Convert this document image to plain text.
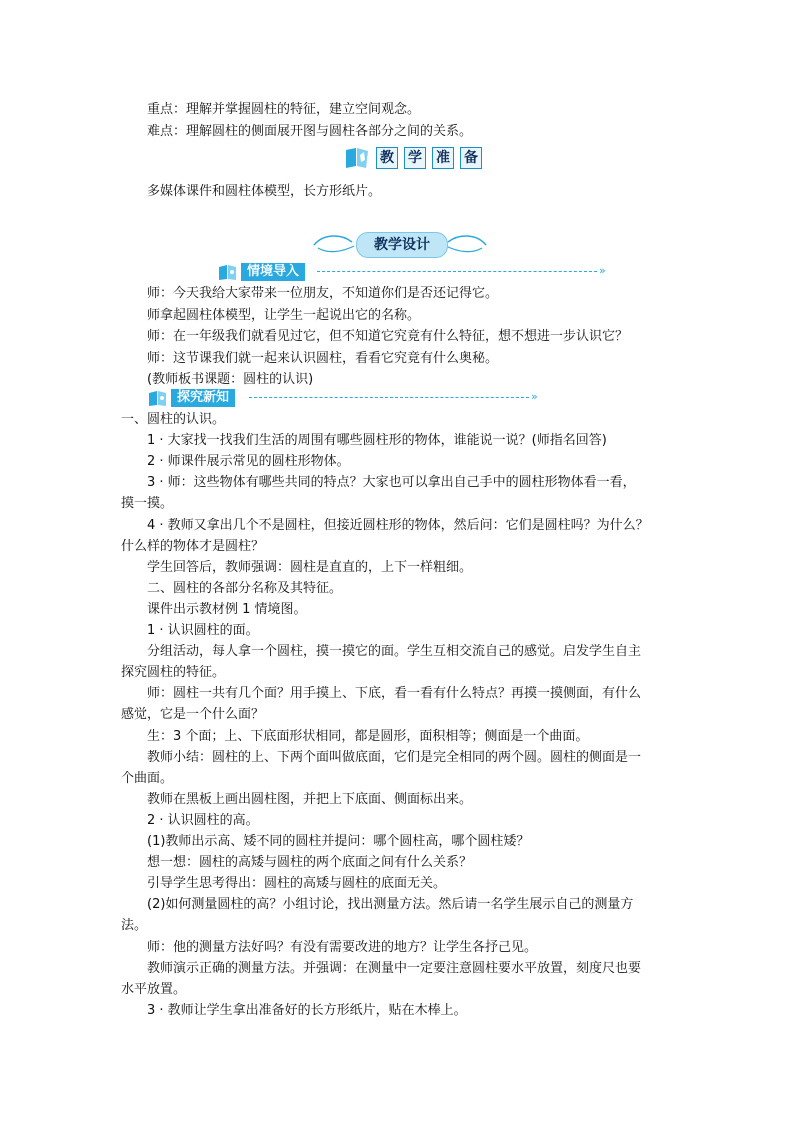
重点：理解并掌握圆柱的特征，建立空间观念。
难点：理解圆柱的侧面展开图与圆柱各部分之间的关系。
教 学 准 备
多媒体课件和圆柱体模型，长方形纸片。
教学设计
情境导入	»
师：今天我给大家带来一位朋友，不知道你们是否还记得它。
师拿起圆柱体模型，让学生一起说出它的名称。
师：在一年级我们就看见过它，但不知道它究竟有什么特征，想不想进一步认识它？
师：这节课我们就一起来认识圆柱，看看它究竟有什么奥秘。
(教师板书课题：圆柱的认识)
探究新知	»
一、圆柱的认识。
1 · 大家找一找我们生活的周围有哪些圆柱形的物体，谁能说一说？(师指名回答)
2 · 师课件展示常见的圆柱形物体。
3 · 师：这些物体有哪些共同的特点？大家也可以拿出自己手中的圆柱形物体看一看，
摸一摸。
4 · 教师又拿出几个不是圆柱，但接近圆柱形的物体，然后问：它们是圆柱吗？为什么？
什么样的物体才是圆柱？
学生回答后，教师强调：圆柱是直直的，上下一样粗细。
二、圆柱的各部分名称及其特征。
课件出示教材例 1 情境图。
1 · 认识圆柱的面。
分组活动，每人拿一个圆柱，摸一摸它的面。学生互相交流自己的感觉。启发学生自主
探究圆柱的特征。
师：圆柱一共有几个面？用手摸上、下底，看一看有什么特点？再摸一摸侧面，有什么
感觉，它是一个什么面？
生：3 个面；上、下底面形状相同，都是圆形，面积相等；侧面是一个曲面。
教师小结：圆柱的上、下两个面叫做底面，它们是完全相同的两个圆。圆柱的侧面是一
个曲面。
教师在黑板上画出圆柱图，并把上下底面、侧面标出来。
2 · 认识圆柱的高。
(1)教师出示高、矮不同的圆柱并提问：哪个圆柱高，哪个圆柱矮？
想一想：圆柱的高矮与圆柱的两个底面之间有什么关系？
引导学生思考得出：圆柱的高矮与圆柱的底面无关。
(2)如何测量圆柱的高？小组讨论，找出测量方法。然后请一名学生展示自己的测量方
法。
师：他的测量方法好吗？有没有需要改进的地方？让学生各抒己见。
教师演示正确的测量方法。并强调：在测量中一定要注意圆柱要水平放置，刻度尺也要
水平放置。
3 · 教师让学生拿出准备好的长方形纸片，贴在木棒上。
